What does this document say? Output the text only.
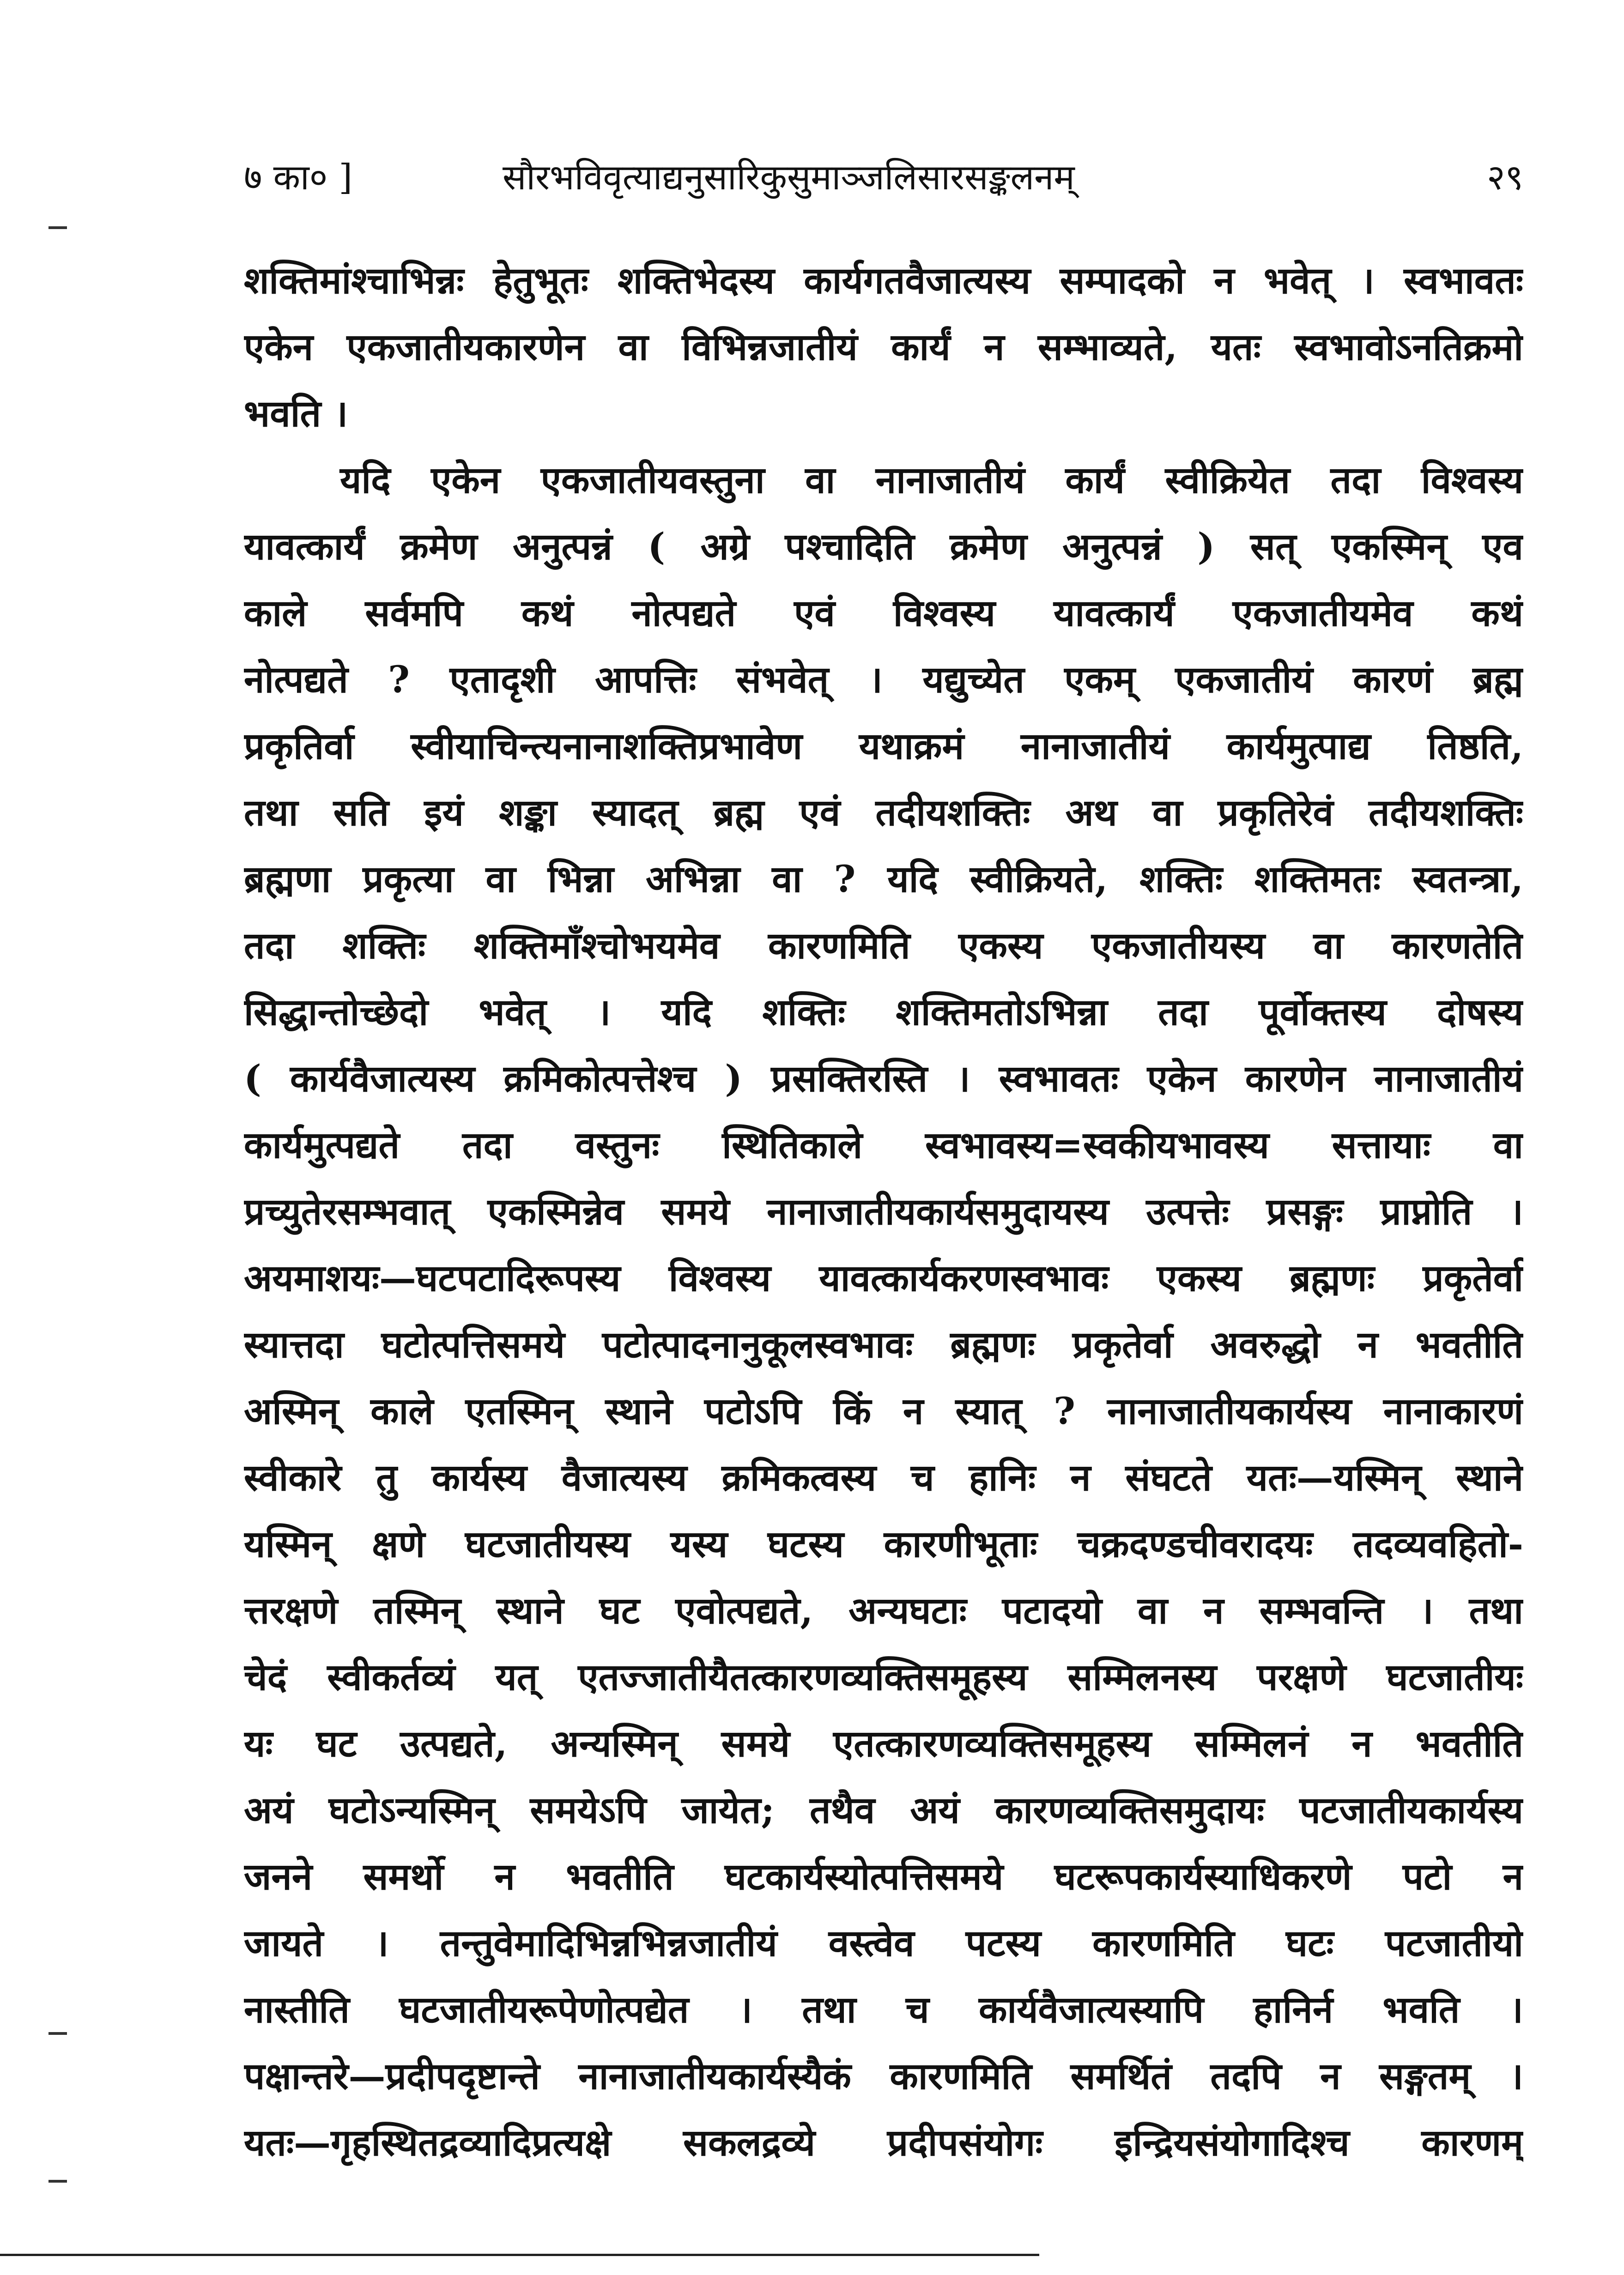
७ का० ]	सौरभविवृत्याद्यनुसारिकुसुमाञ्जलिसारसङ्कलनम्	२९
शक्तिमांश्चाभिन्नः हेतुभूतः शक्तिभेदस्य कार्यगतवैजात्यस्य सम्पादको न भवेत् । स्वभावतः
एकेन एकजातीयकारणेन वा विभिन्नजातीयं कार्यं न सम्भाव्यते, यतः स्वभावोऽनतिक्रमो
भवति ।
यदि एकेन एकजातीयवस्तुना वा नानाजातीयं कार्यं स्वीक्रियेत तदा विश्वस्य
यावत्कार्यं क्रमेण अनुत्पन्नं ( अग्रे पश्चादिति क्रमेण अनुत्पन्नं ) सत् एकस्मिन् एव
काले सर्वमपि कथं नोत्पद्यते एवं विश्वस्य यावत्कार्यं एकजातीयमेव कथं
नोत्पद्यते ? एतादृशी आपत्तिः संभवेत् । यद्युच्येत एकम् एकजातीयं कारणं ब्रह्म
प्रकृतिर्वा स्वीयाचिन्त्यनानाशक्तिप्रभावेण यथाक्रमं नानाजातीयं कार्यमुत्पाद्य तिष्ठति,
तथा सति इयं शङ्का स्यादत् ब्रह्म एवं तदीयशक्तिः अथ वा प्रकृतिरेवं तदीयशक्तिः
ब्रह्मणा प्रकृत्या वा भिन्ना अभिन्ना वा ? यदि स्वीक्रियते, शक्तिः शक्तिमतः स्वतन्त्रा,
तदा शक्तिः शक्तिमाँश्चोभयमेव कारणमिति एकस्य एकजातीयस्य वा कारणतेति
सिद्धान्तोच्छेदो भवेत् । यदि शक्तिः शक्तिमतोऽभिन्ना तदा पूर्वोक्तस्य दोषस्य
( कार्यवैजात्यस्य क्रमिकोत्पत्तेश्च ) प्रसक्तिरस्ति । स्वभावतः एकेन कारणेन नानाजातीयं
कार्यमुत्पद्यते तदा वस्तुनः स्थितिकाले स्वभावस्य=स्वकीयभावस्य सत्तायाः वा
प्रच्युतेरसम्भवात् एकस्मिन्नेव समये नानाजातीयकार्यसमुदायस्य उत्पत्तेः प्रसङ्गः प्राप्नोति ।
अयमाशयः—घटपटादिरूपस्य विश्वस्य यावत्कार्यकरणस्वभावः एकस्य ब्रह्मणः प्रकृतेर्वा
स्यात्तदा घटोत्पत्तिसमये पटोत्पादनानुकूलस्वभावः ब्रह्मणः प्रकृतेर्वा अवरुद्धो न भवतीति
अस्मिन् काले एतस्मिन् स्थाने पटोऽपि किं न स्यात् ? नानाजातीयकार्यस्य नानाकारणं
स्वीकारे तु कार्यस्य वैजात्यस्य क्रमिकत्वस्य च हानिः न संघटते यतः—यस्मिन् स्थाने
यस्मिन् क्षणे घटजातीयस्य यस्य घटस्य कारणीभूताः चक्रदण्डचीवरादयः तदव्यवहितो-
त्तरक्षणे तस्मिन् स्थाने घट एवोत्पद्यते, अन्यघटाः पटादयो वा न सम्भवन्ति । तथा
चेदं स्वीकर्तव्यं यत् एतज्जातीयैतत्कारणव्यक्तिसमूहस्य सम्मिलनस्य परक्षणे घटजातीयः
यः घट उत्पद्यते, अन्यस्मिन् समये एतत्कारणव्यक्तिसमूहस्य सम्मिलनं न भवतीति
अयं घटोऽन्यस्मिन् समयेऽपि जायेत; तथैव अयं कारणव्यक्तिसमुदायः पटजातीयकार्यस्य
जनने समर्थो न भवतीति घटकार्यस्योत्पत्तिसमये घटरूपकार्यस्याधिकरणे पटो न
जायते । तन्तुवेमादिभिन्नभिन्नजातीयं वस्त्वेव पटस्य कारणमिति घटः पटजातीयो
नास्तीति घटजातीयरूपेणोत्पद्येत । तथा च कार्यवैजात्यस्यापि हानिर्न भवति ।
पक्षान्तरे—प्रदीपदृष्टान्ते नानाजातीयकार्यस्यैकं कारणमिति समर्थितं तदपि न सङ्गतम् ।
यतः—गृहस्थितद्रव्यादिप्रत्यक्षे सकलद्रव्ये प्रदीपसंयोगः इन्द्रियसंयोगादिश्च कारणम्
